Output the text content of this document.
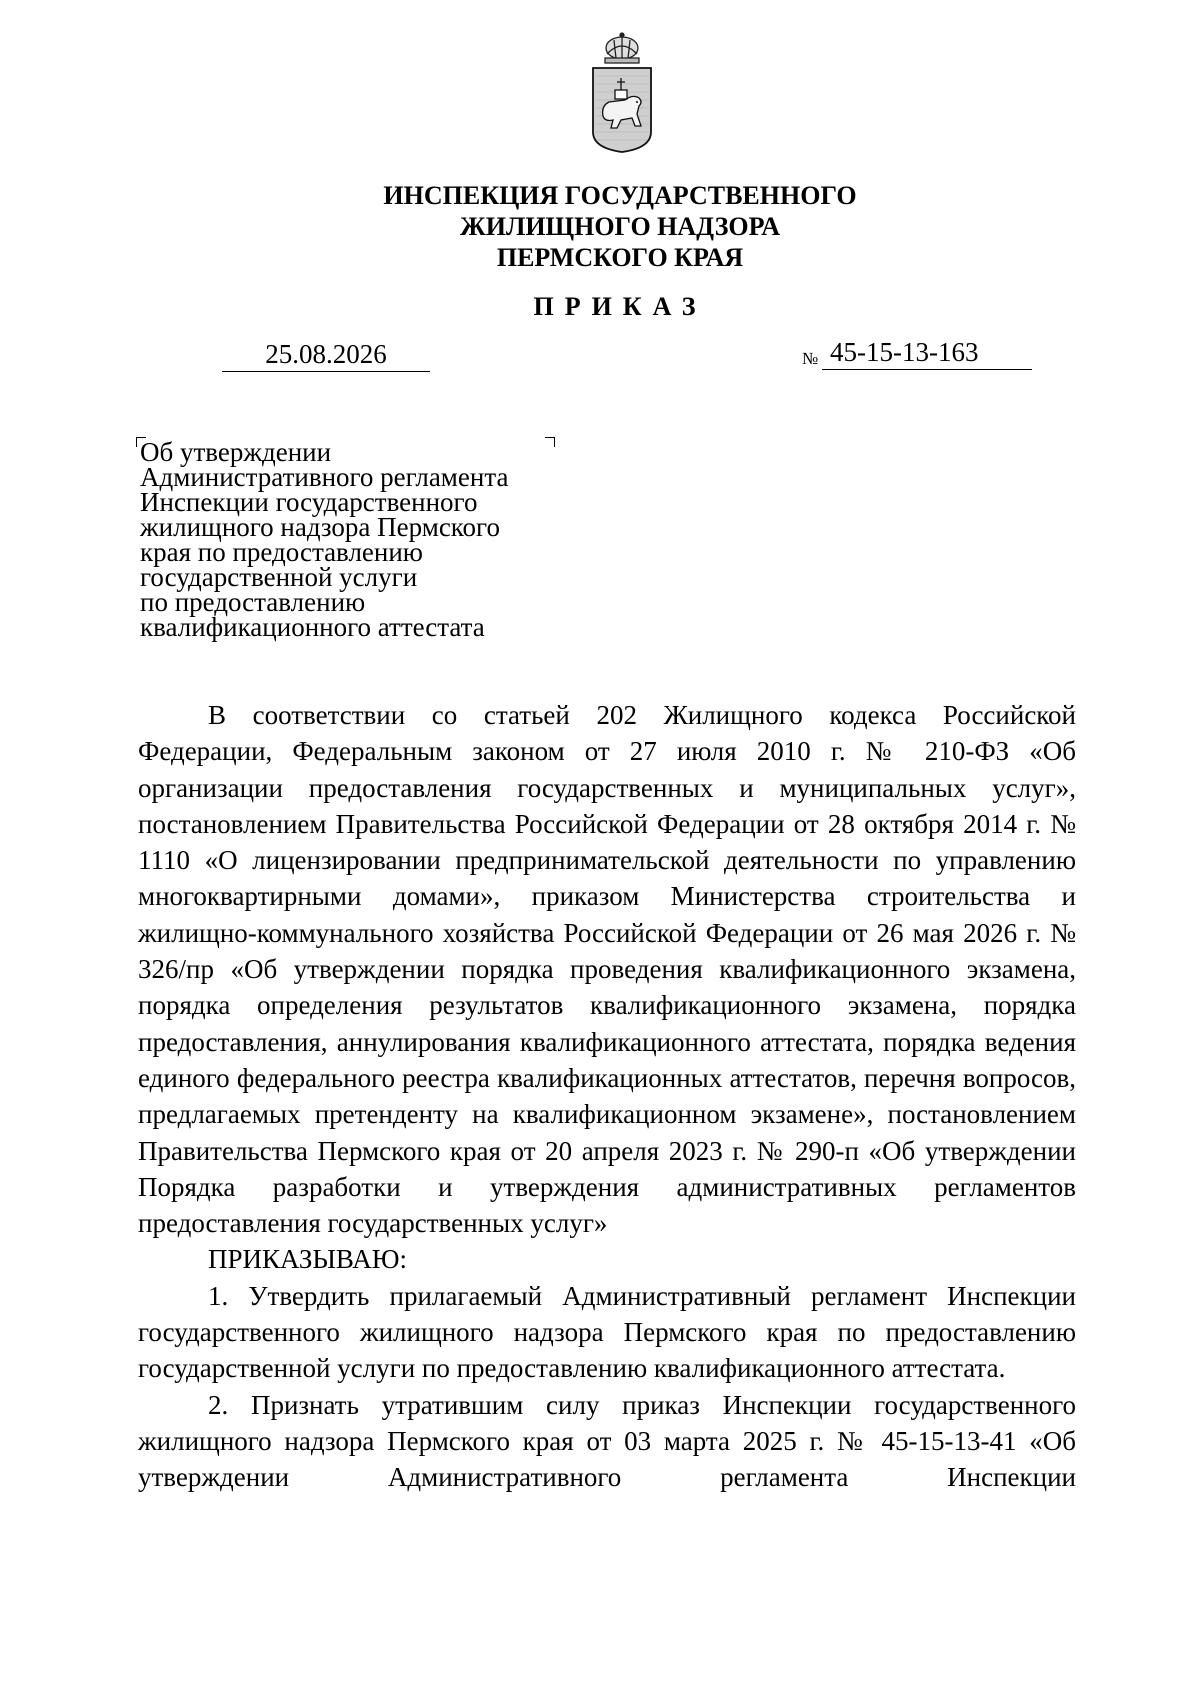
ИНСПЕКЦИЯ ГОСУДАРСТВЕННОГО
ЖИЛИЩНОГО НАДЗОРА
ПЕРМСКОГО КРАЯ
ПРИКАЗ
25.08.2026	№ 45-15-13-163
Об утверждении
Административного регламента
Инспекции государственного
жилищного надзора Пермского
края по предоставлению
государственной услуги
по предоставлению
квалификационного аттестата

В соответствии со статьей 202 Жилищного кодекса Российской Федерации, Федеральным законом от 27 июля 2010 г. № 210-ФЗ «Об организации предоставления государственных и муниципальных услуг», постановлением Правительства Российской Федерации от 28 октября 2014 г. № 1110 «О лицензировании предпринимательской деятельности по управлению многоквартирными домами», приказом Министерства строительства и жилищно-коммунального хозяйства Российской Федерации от 26 мая 2026 г. № 326/пр «Об утверждении порядка проведения квалификационного экзамена, порядка определения результатов квалификационного экзамена, порядка предоставления, аннулирования квалификационного аттестата, порядка ведения единого федерального реестра квалификационных аттестатов, перечня вопросов, предлагаемых претенденту на квалификационном экзамене», постановлением Правительства Пермского края от 20 апреля 2023 г. № 290-п «Об утверждении Порядка разработки и утверждения административных регламентов предоставления государственных услуг»

ПРИКАЗЫВАЮ:

1. Утвердить прилагаемый Административный регламент Инспекции государственного жилищного надзора Пермского края по предоставлению государственной услуги по предоставлению квалификационного аттестата.

2. Признать утратившим силу приказ Инспекции государственного жилищного надзора Пермского края от 03 марта 2025 г. № 45-15-13-41 «Об утверждении Административного регламента Инспекции
